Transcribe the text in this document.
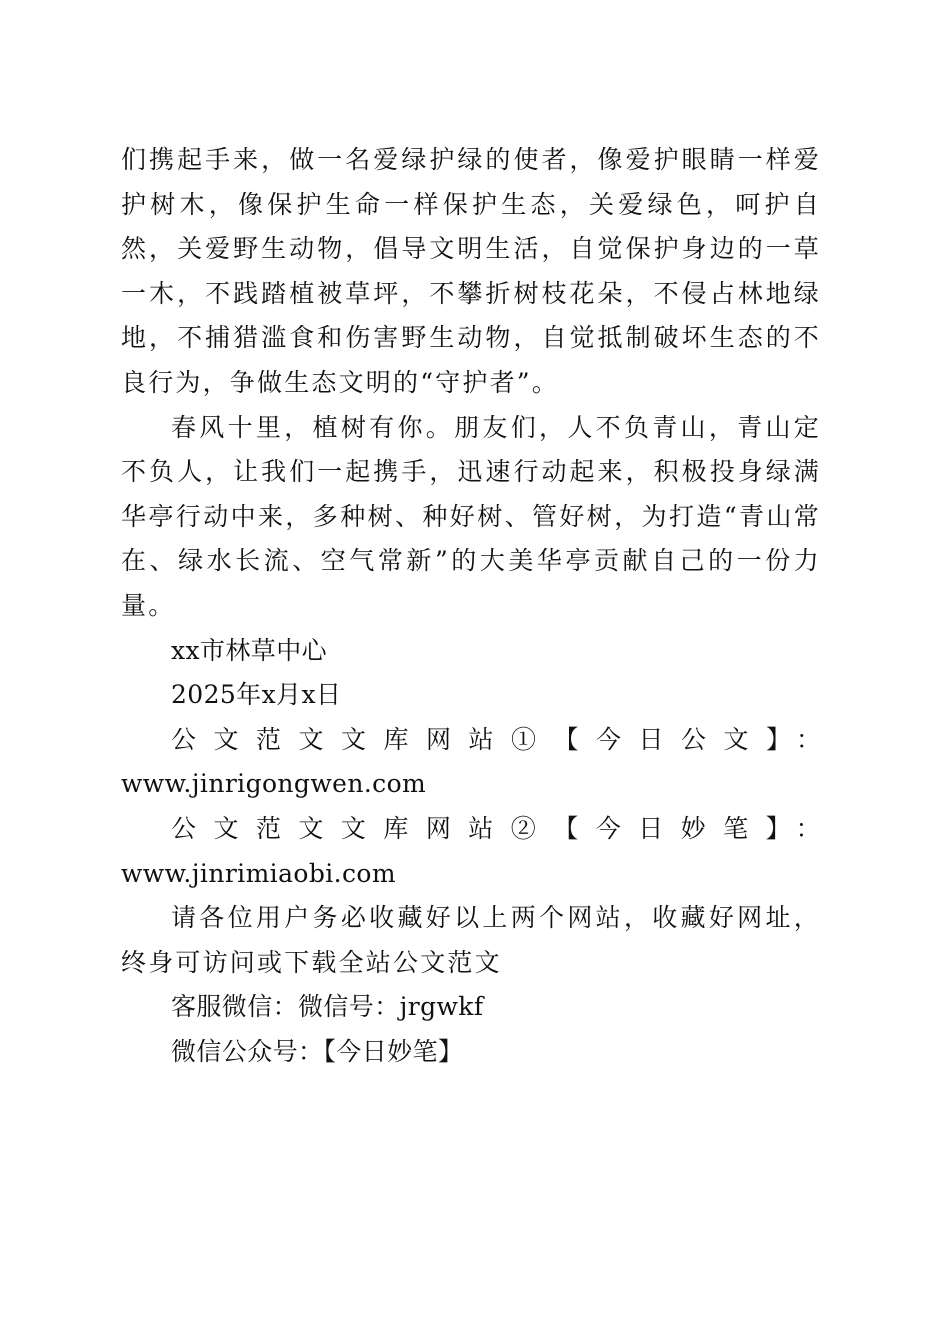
们携起手来，做一名爱绿护绿的使者，像爱护眼睛一样爱护树木，像保护生命一样保护生态，关爱绿色，呵护自然，关爱野生动物，倡导文明生活，自觉保护身边的一草一木，不践踏植被草坪，不攀折树枝花朵，不侵占林地绿地，不捕猎滥食和伤害野生动物，自觉抵制破坏生态的不良行为，争做生态文明的“守护者”。

春风十里，植树有你。朋友们，人不负青山，青山定不负人，让我们一起携手，迅速行动起来，积极投身绿满华亭行动中来，多种树、种好树、管好树，为打造“青山常在、绿水长流、空气常新”的大美华亭贡献自己的一份力量。

xx市林草中心

2025年x月x日

公文范文文库网站①【今日公文】：

www.jinrigongwen.com

公文范文文库网站②【今日妙笔】：www.jinrimiaobi.com

请各位用户务必收藏好以上两个网站，收藏好网址，终身可访问或下载全站公文范文

客服微信：微信号：jrgwkf

微信公众号：【今日妙笔】
